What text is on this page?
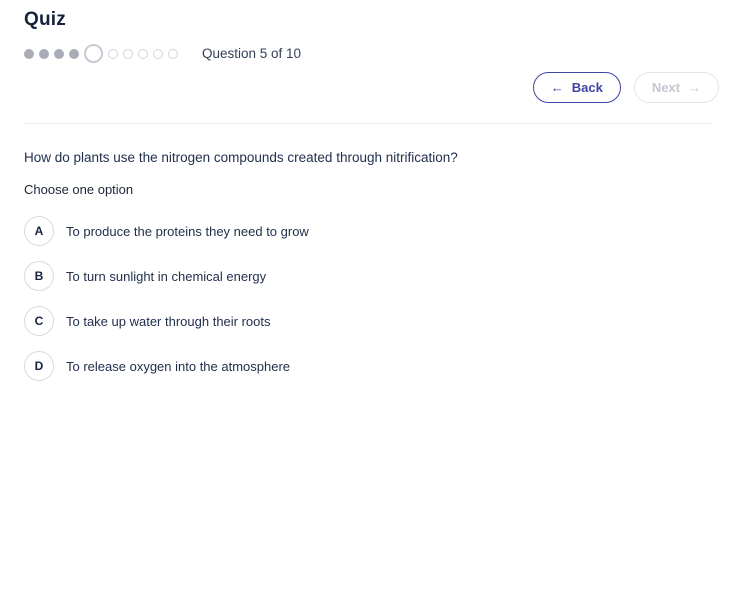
Quiz
Question 5 of 10
← Back	Next →
How do plants use the nitrogen compounds created through nitrification?
Choose one option
A	To produce the proteins they need to grow
B	To turn sunlight in chemical energy
C	To take up water through their roots
D	To release oxygen into the atmosphere
